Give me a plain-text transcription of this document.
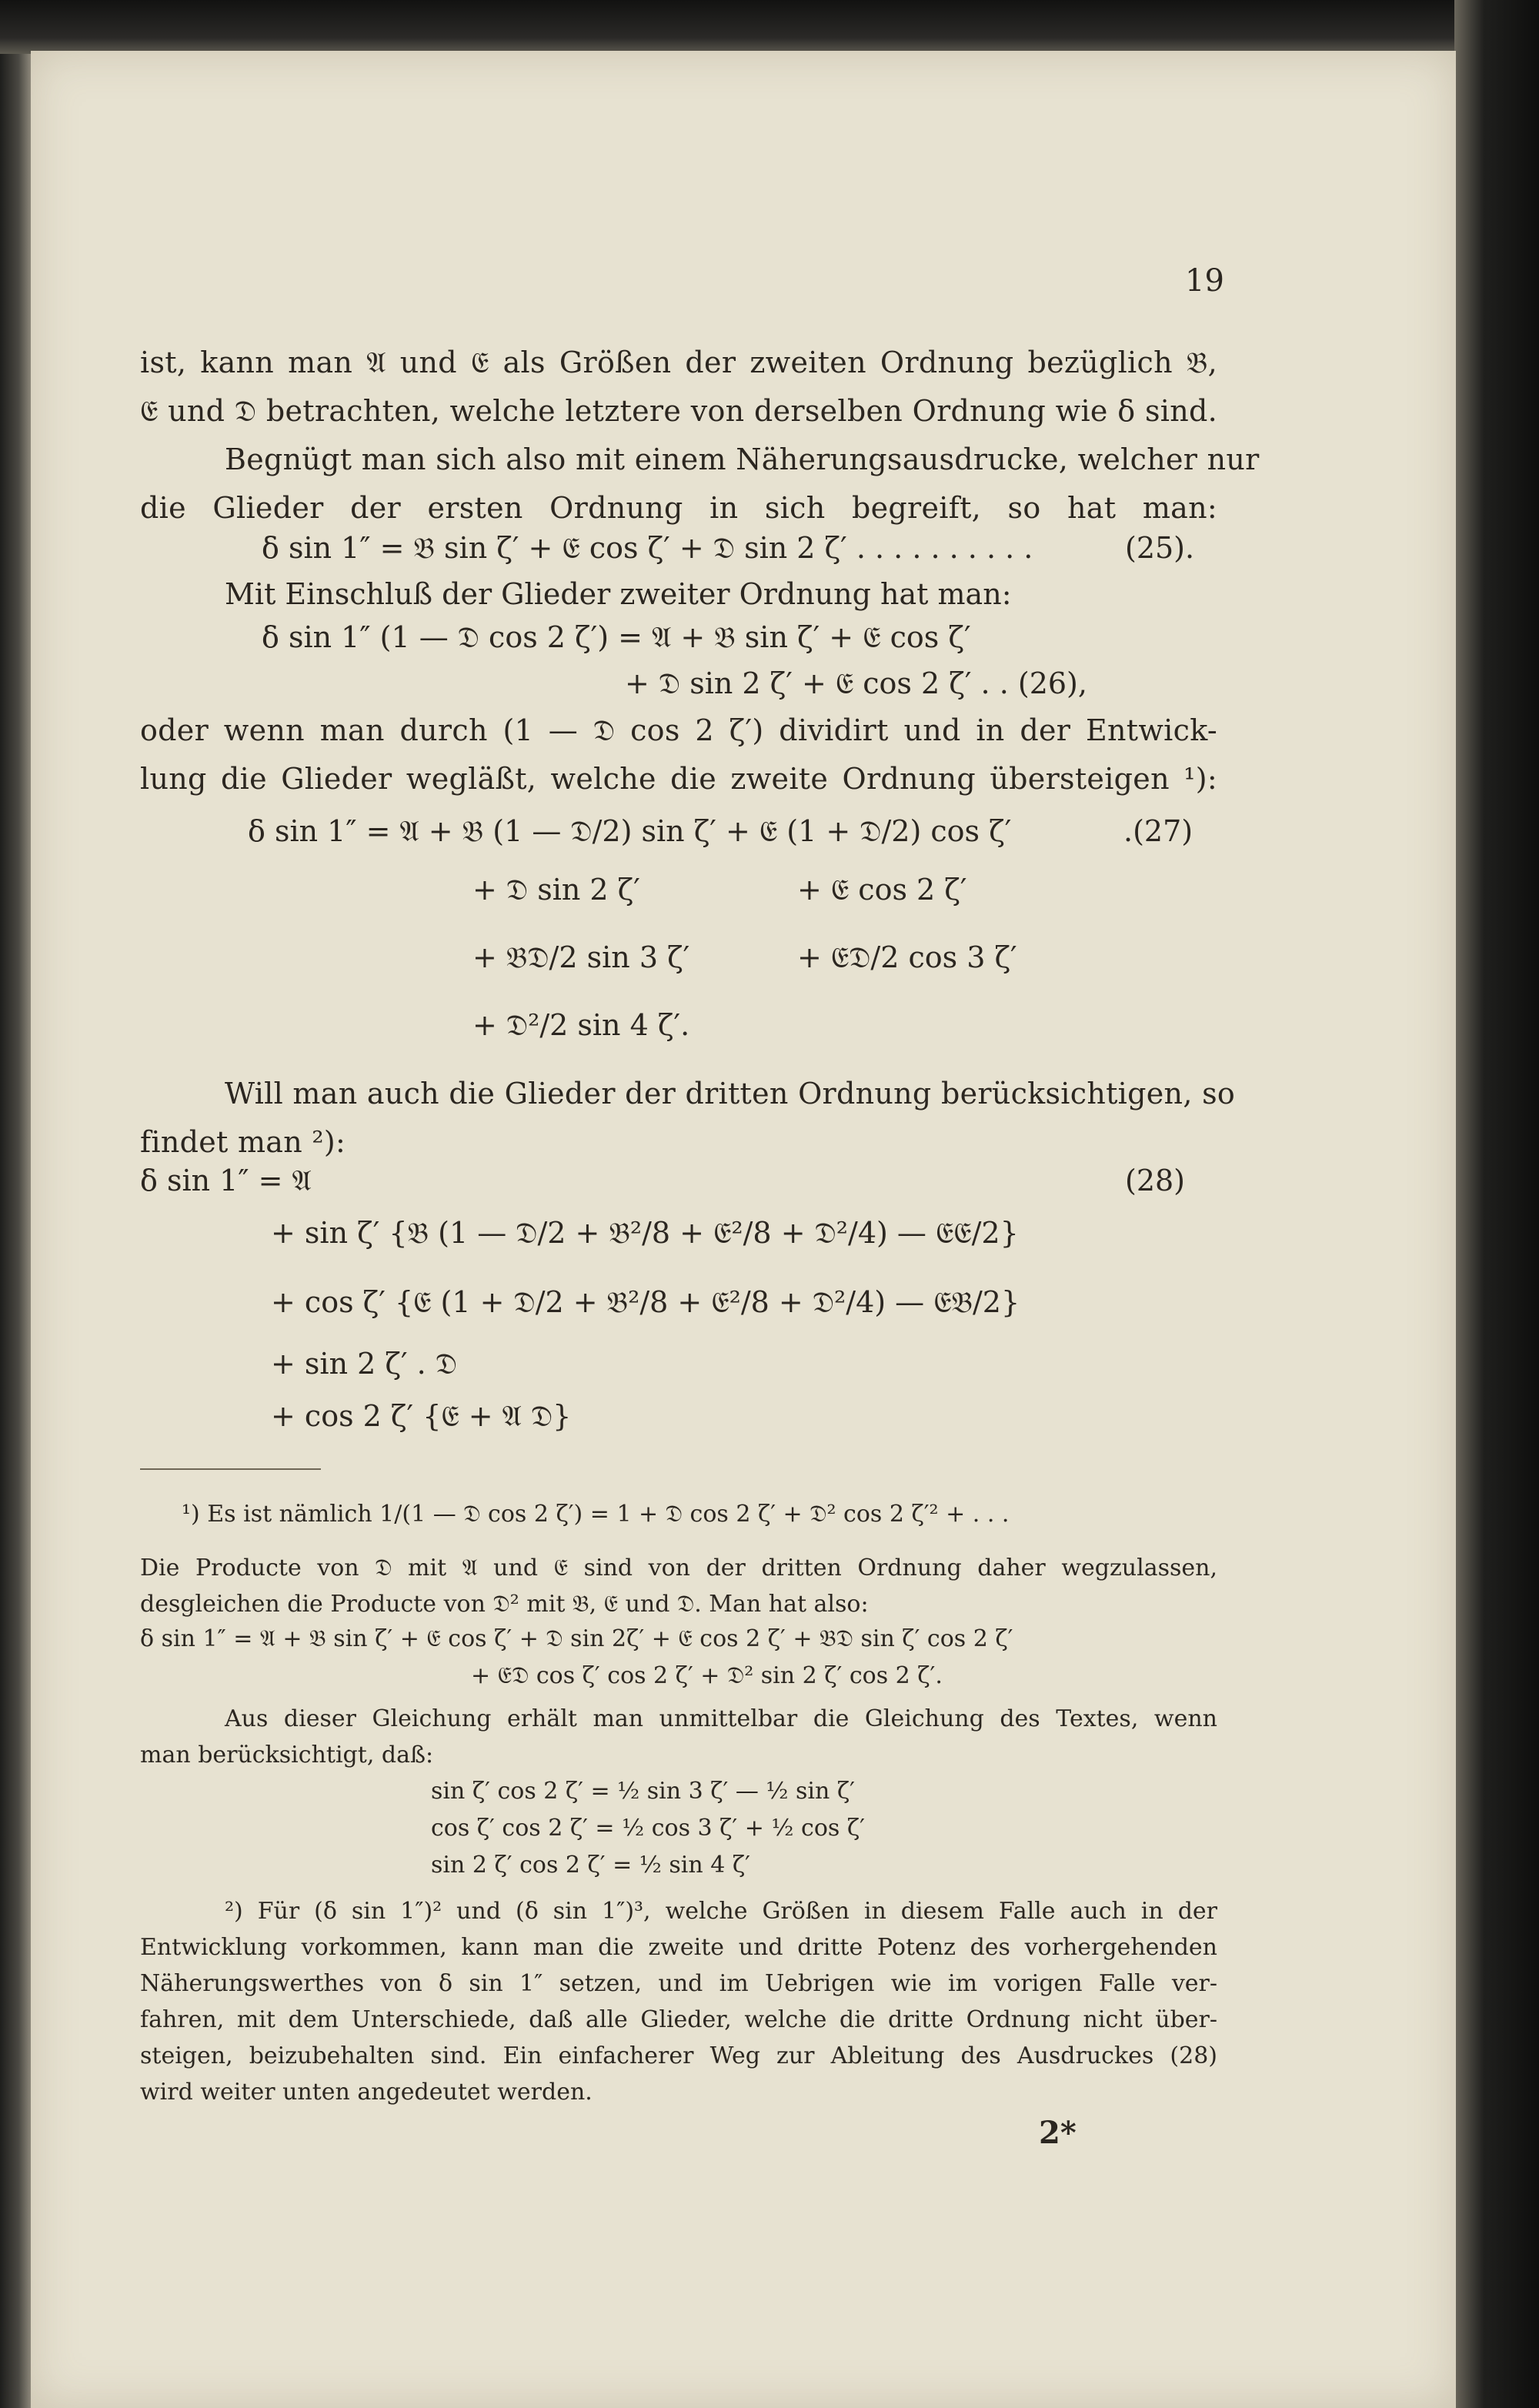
19
ist, kann man 𝔄 und 𝔈 als Größen der zweiten Ordnung bezüglich 𝔅,
𝔈 und 𝔇 betrachten, welche letztere von derselben Ordnung wie δ sind.
Begnügt man sich also mit einem Näherungsausdrucke, welcher nur
die Glieder der ersten Ordnung in sich begreift, so hat man:
δ sin 1″ = 𝔅 sin ζ′ + 𝔈 cos ζ′ + 𝔇 sin 2 ζ′ . . . . . . . . . .	(25).
Mit Einschluß der Glieder zweiter Ordnung hat man:
δ sin 1″ (1 — 𝔇 cos 2 ζ′) = 𝔄 + 𝔅 sin ζ′ + 𝔈 cos ζ′
+ 𝔇 sin 2 ζ′ + 𝔈 cos 2 ζ′ . . (26),
oder wenn man durch (1 — 𝔇 cos 2 ζ′) dividirt und in der Entwick-
lung die Glieder wegläßt, welche die zweite Ordnung übersteigen ¹):
δ sin 1″ = 𝔄 + 𝔅 (1 — 𝔇/2) sin ζ′ + 𝔈 (1 + 𝔇/2) cos ζ′	.(27)
+ 𝔇 sin 2 ζ′	+ 𝔈 cos 2 ζ′
+ 𝔅𝔇/2 sin 3 ζ′	+ 𝔈𝔇/2 cos 3 ζ′
+ 𝔇²/2 sin 4 ζ′.
Will man auch die Glieder der dritten Ordnung berücksichtigen, so
findet man ²):
δ sin 1″ = 𝔄	(28)
+ sin ζ′ {𝔅 (1 — 𝔇/2 + 𝔅²/8 + 𝔈²/8 + 𝔇²/4) — 𝔈𝔈/2}
+ cos ζ′ {𝔈 (1 + 𝔇/2 + 𝔅²/8 + 𝔈²/8 + 𝔇²/4) — 𝔈𝔅/2}
+ sin 2 ζ′ . 𝔇
+ cos 2 ζ′ {𝔈 + 𝔄 𝔇}
¹) Es ist nämlich 1/(1 — 𝔇 cos 2 ζ′) = 1 + 𝔇 cos 2 ζ′ + 𝔇² cos 2 ζ′² + . . .
Die Producte von 𝔇 mit 𝔄 und 𝔈 sind von der dritten Ordnung daher wegzulassen,
desgleichen die Producte von 𝔇² mit 𝔅, 𝔈 und 𝔇. Man hat also:
δ sin 1″ = 𝔄 + 𝔅 sin ζ′ + 𝔈 cos ζ′ + 𝔇 sin 2ζ′ + 𝔈 cos 2 ζ′ + 𝔅𝔇 sin ζ′ cos 2 ζ′
+ 𝔈𝔇 cos ζ′ cos 2 ζ′ + 𝔇² sin 2 ζ′ cos 2 ζ′.
Aus dieser Gleichung erhält man unmittelbar die Gleichung des Textes, wenn
man berücksichtigt, daß:
sin ζ′ cos 2 ζ′ = ½ sin 3 ζ′ — ½ sin ζ′
cos ζ′ cos 2 ζ′ = ½ cos 3 ζ′ + ½ cos ζ′
sin 2 ζ′ cos 2 ζ′ = ½ sin 4 ζ′
²) Für (δ sin 1″)² und (δ sin 1″)³, welche Größen in diesem Falle auch in der
Entwicklung vorkommen, kann man die zweite und dritte Potenz des vorhergehenden
Näherungswerthes von δ sin 1″ setzen, und im Uebrigen wie im vorigen Falle ver-
fahren, mit dem Unterschiede, daß alle Glieder, welche die dritte Ordnung nicht über-
steigen, beizubehalten sind. Ein einfacherer Weg zur Ableitung des Ausdruckes (28)
wird weiter unten angedeutet werden.
2*
